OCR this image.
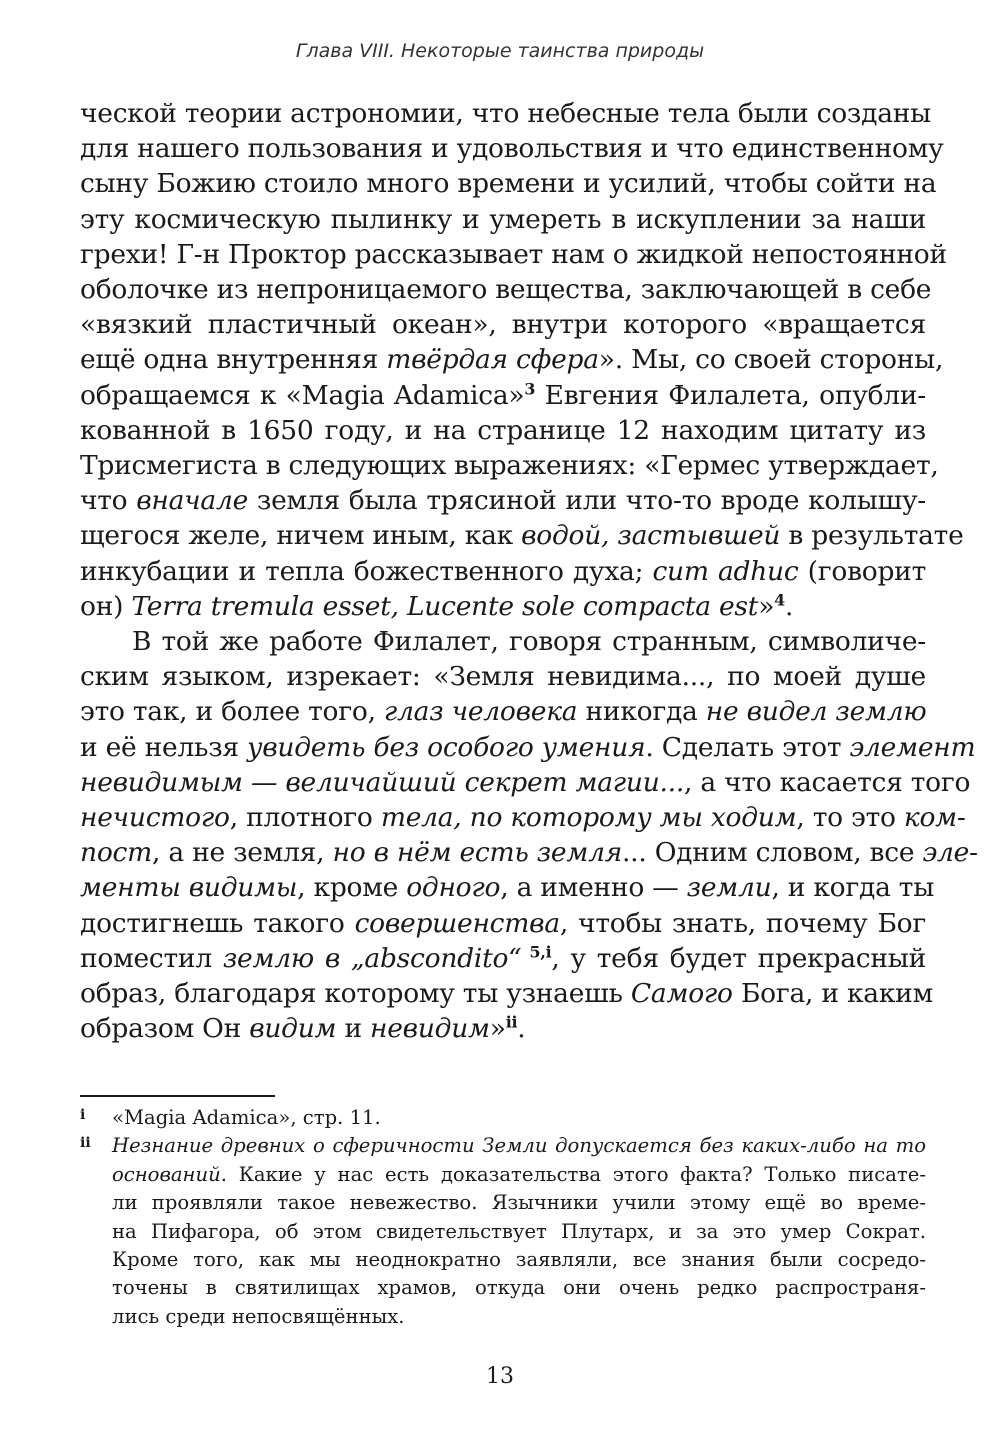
Глава VIII. Некоторые таинства природы
ческой теории астрономии, что небесные тела были созданы
для нашего пользования и удовольствия и что единственному
сыну Божию стоило много времени и усилий, чтобы сойти на
эту космическую пылинку и умереть в искуплении за наши
грехи! Г-н Проктор рассказывает нам о жидкой непостоянной
оболочке из непроницаемого вещества, заключающей в себе
«вязкий пластичный океан», внутри которого «вращается
ещё одна внутренняя твёрдая сфера». Мы, со своей стороны,
обращаемся к «Magia Adamica»$^3$ Евгения Филалета, опубли-
кованной в 1650 году, и на странице 12 находим цитату из
Трисмегиста в следующих выражениях: «Гермес утверждает,
что вначале земля была трясиной или что-то вроде колышу-
щегося желе, ничем иным, как водой, застывшей в результате
инкубации и тепла божественного духа; cum adhuc (говорит
он) Terra tremula esset, Lucente sole compacta est»$^4$.
В той же работе Филалет, говоря странным, символиче-
ским языком, изрекает: «Земля невидима..., по моей душе
это так, и более того, глаз человека никогда не видел землю
и её нельзя увидеть без особого умения. Сделать этот элемент
невидимым — величайший секрет магии..., а что касается того
нечистого, плотного тела, по которому мы ходим, то это ком-
пост, а не земля, но в нём есть земля... Одним словом, все эле-
менты видимы, кроме одного, а именно — земли, и когда ты
достигнешь такого совершенства, чтобы знать, почему Бог
поместил землю в „abscondito“ $^{5,i}$, у тебя будет прекрасный
образ, благодаря которому ты узнаешь Самого Бога, и каким
образом Он видим и невидим»$^{ii}$.
i	«Magia Adamica», стр. 11.
ii	Незнание древних о сферичности Земли допускается без каких-либо на то
оснований. Какие у нас есть доказательства этого факта? Только писате-
ли проявляли такое невежество. Язычники учили этому ещё во време-
на Пифагора, об этом свидетельствует Плутарх, и за это умер Сократ.
Кроме того, как мы неоднократно заявляли, все знания были сосредо-
точены в святилищах храмов, откуда они очень редко распространя-
лись среди непосвящённых.
13
